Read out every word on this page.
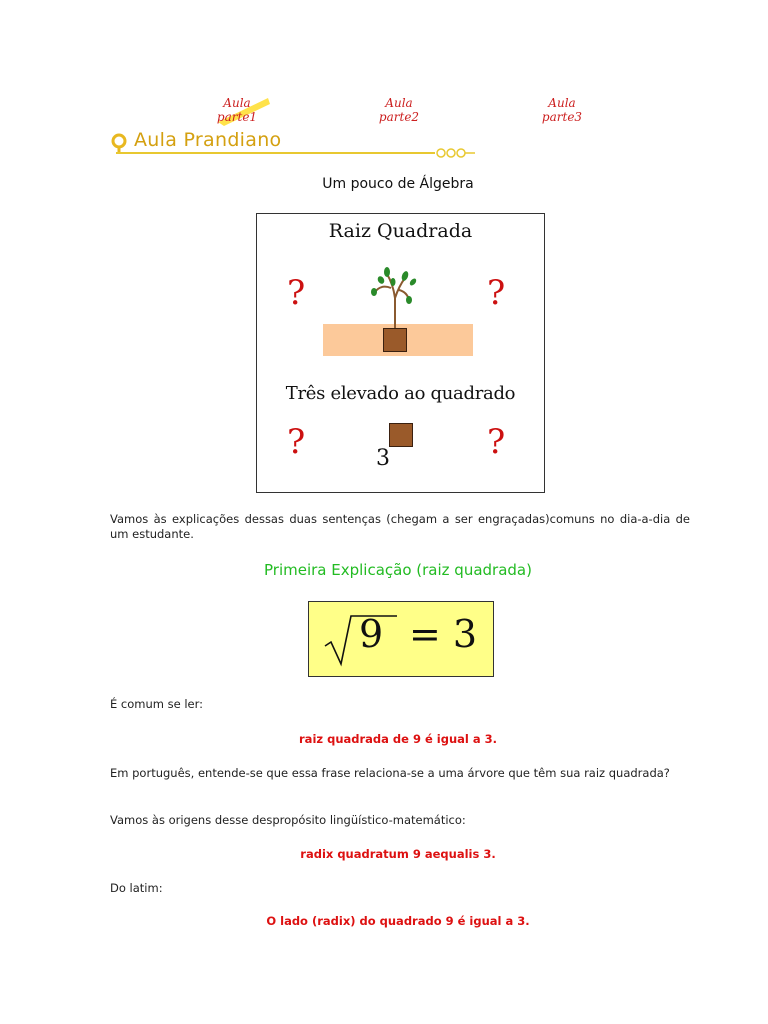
Aula
parte1
Aula
parte2
Aula
parte3
Aula Prandiano
Um pouco de Álgebra
Raiz Quadrada
?	?
Três elevado ao quadrado
?	?
3
Vamos às explicações dessas duas sentenças (chegam a ser engraçadas)comuns no dia-a-dia de um estudante.
Primeira Explicação (raiz quadrada)
9 = 3
É comum se ler:
raiz quadrada de 9 é igual a 3.
Em português, entende-se que essa frase relaciona-se a uma árvore que têm sua raiz quadrada?
Vamos às origens desse despropósito lingüístico-matemático:
radix quadratum 9 aequalis 3.
Do latim:
O lado (radix) do quadrado 9 é igual a 3.
